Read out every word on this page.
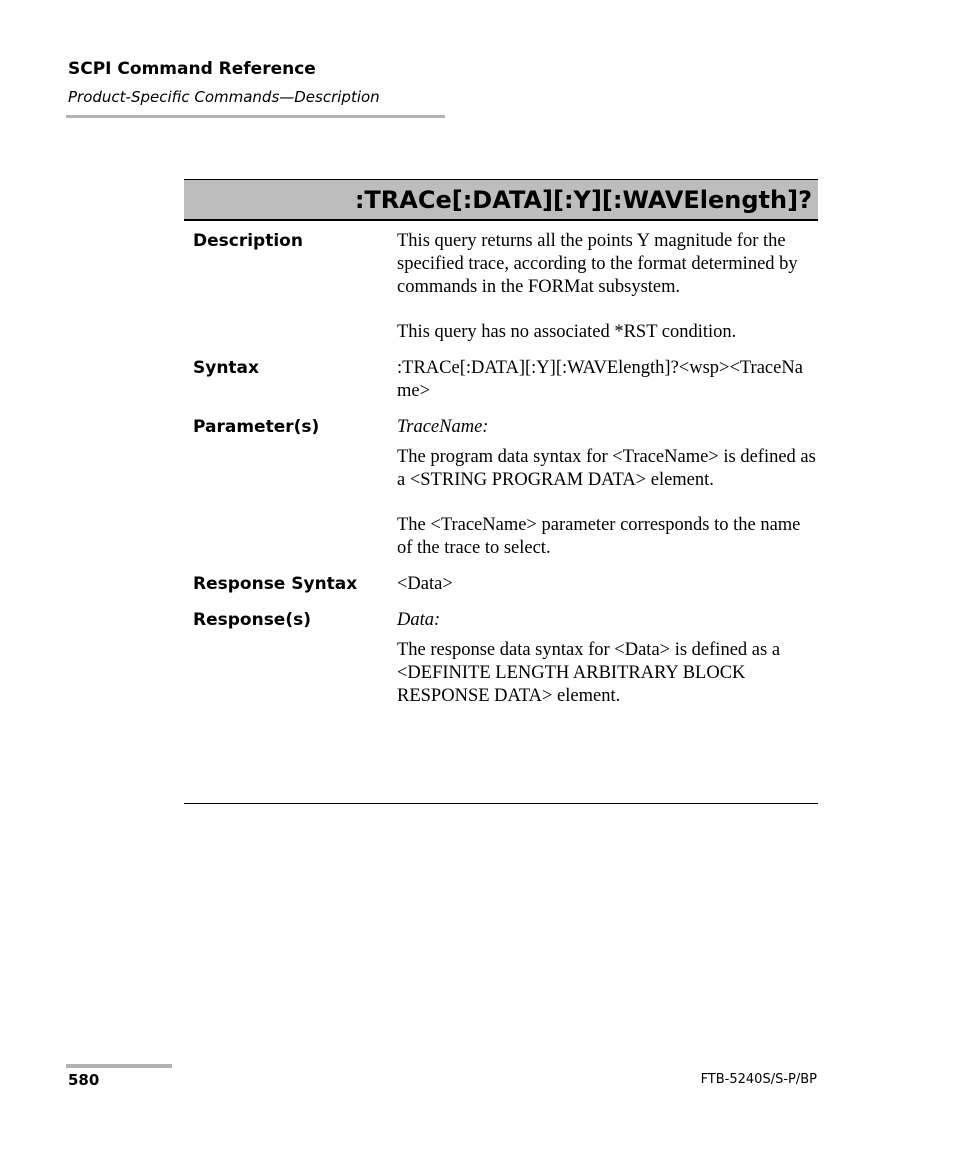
SCPI Command Reference
Product-Specific Commands—Description
:TRACe[:DATA][:Y][:WAVElength]?
Description	This query returns all the points Y magnitude for the specified trace, according to the format determined by commands in the FORMat subsystem.

This query has no associated *RST condition.

Syntax	:TRACe[:DATA][:Y][:WAVElength]?<wsp><TraceName>

Parameter(s)	TraceName:

The program data syntax for <TraceName> is defined as a <STRING PROGRAM DATA> element.

The <TraceName> parameter corresponds to the name of the trace to select.

Response Syntax	<Data>

Response(s)	Data:

The response data syntax for <Data> is defined as a <DEFINITE LENGTH ARBITRARY BLOCK RESPONSE DATA> element.

580	FTB-5240S/S-P/BP
